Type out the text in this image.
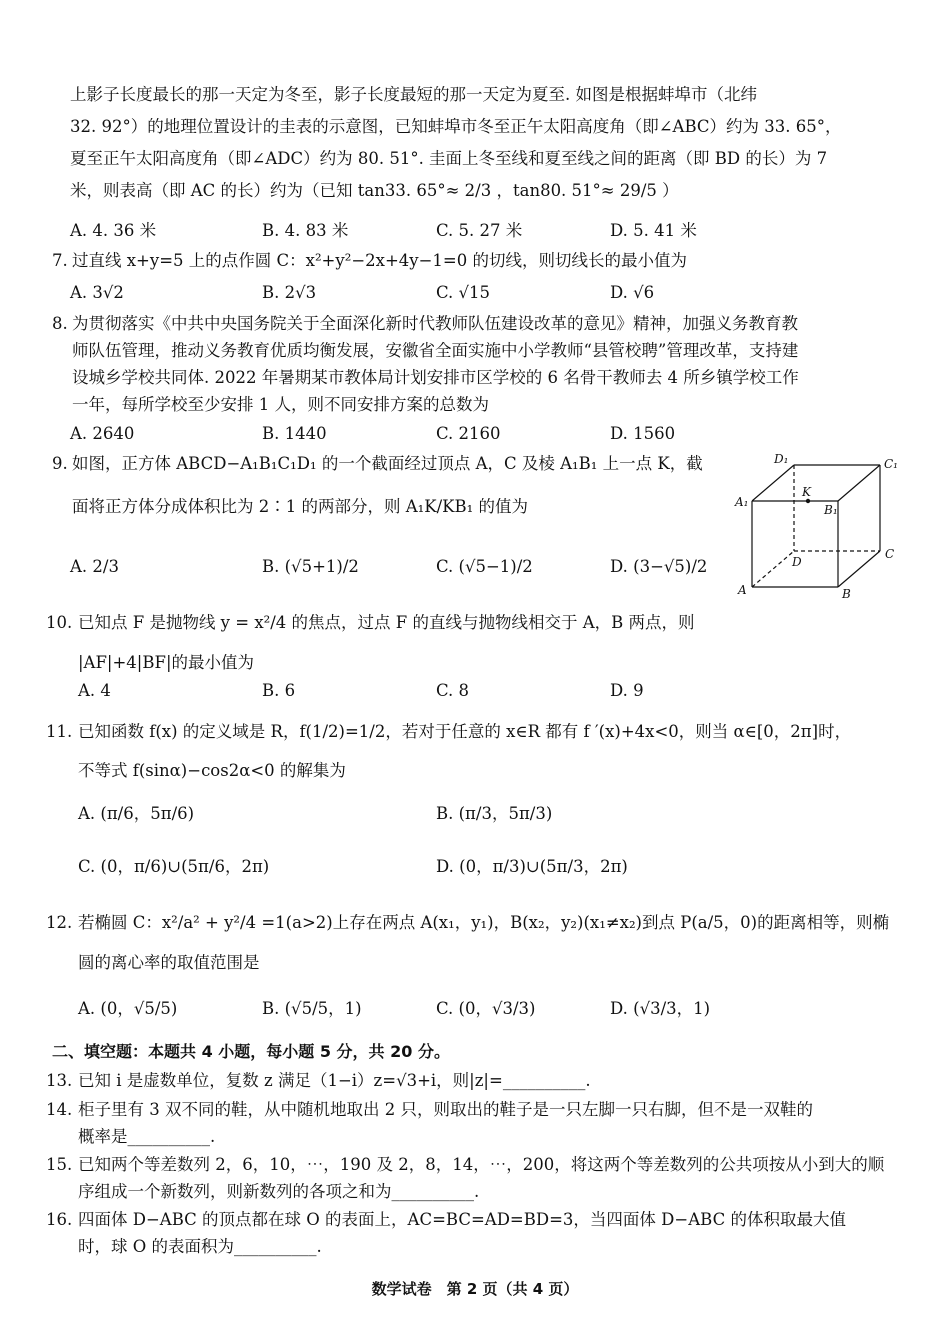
上影子长度最长的那一天定为冬至，影子长度最短的那一天定为夏至. 如图是根据蚌埠市（北纬
32. 92°）的地理位置设计的圭表的示意图，已知蚌埠市冬至正午太阳高度角（即∠ABC）约为 33. 65°，
夏至正午太阳高度角（即∠ADC）约为 80. 51°. 圭面上冬至线和夏至线之间的距离（即 BD 的长）为 7
米，则表高（即 AC 的长）约为（已知 tan33. 65°≈ 2/3 ，tan80. 51°≈ 29/5 ）
A. 4. 36 米	B. 4. 83 米	C. 5. 27 米	D. 5. 41 米
7. 过直线 x+y=5 上的点作圆 C：x²+y²−2x+4y−1=0 的切线，则切线长的最小值为
A. 3√2	B. 2√3	C. √15	D. √6
8. 为贯彻落实《中共中央国务院关于全面深化新时代教师队伍建设改革的意见》精神，加强义务教育教
师队伍管理，推动义务教育优质均衡发展，安徽省全面实施中小学教师“县管校聘”管理改革，支持建
设城乡学校共同体. 2022 年暑期某市教体局计划安排市区学校的 6 名骨干教师去 4 所乡镇学校工作
一年，每所学校至少安排 1 人，则不同安排方案的总数为
A. 2640	B. 1440	C. 2160	D. 1560
9. 如图，正方体 ABCD−A₁B₁C₁D₁ 的一个截面经过顶点 A，C 及棱 A₁B₁ 上一点 K，截
面将正方体分成体积比为 2∶1 的两部分，则 A₁K/KB₁ 的值为
A. 2/3	B. (√5+1)/2	C. (√5−1)/2	D. (3−√5)/2
D₁	C₁
A₁
K
B₁
D
C
A	B
10. 已知点 F 是抛物线 y = x²/4 的焦点，过点 F 的直线与抛物线相交于 A，B 两点，则
|AF|+4|BF|的最小值为
A. 4	B. 6	C. 8	D. 9
11. 已知函数 f(x) 的定义域是 R，f(1/2)=1/2，若对于任意的 x∈R 都有 f ′(x)+4x<0，则当 α∈[0，2π]时，
不等式 f(sinα)−cos2α<0 的解集为
A. (π/6，5π/6)	B. (π/3，5π/3)
C. (0，π/6)∪(5π/6，2π)	D. (0，π/3)∪(5π/3，2π)
12. 若椭圆 C：x²/a² + y²/4 =1(a>2)上存在两点 A(x₁，y₁)，B(x₂，y₂)(x₁≠x₂)到点 P(a/5，0)的距离相等，则椭
圆的离心率的取值范围是
A. (0，√5/5)	B. (√5/5，1)	C. (0，√3/3)	D. (√3/3，1)
二、填空题：本题共 4 小题，每小题 5 分，共 20 分。
13. 已知 i 是虚数单位，复数 z 满足（1−i）z=√3+i，则|z|=__________.
14. 柜子里有 3 双不同的鞋，从中随机地取出 2 只，则取出的鞋子是一只左脚一只右脚，但不是一双鞋的
概率是__________.
15. 已知两个等差数列 2，6，10，⋯，190 及 2，8，14，⋯，200，将这两个等差数列的公共项按从小到大的顺
序组成一个新数列，则新数列的各项之和为__________.
16. 四面体 D−ABC 的顶点都在球 O 的表面上，AC=BC=AD=BD=3，当四面体 D−ABC 的体积取最大值
时，球 O 的表面积为__________.
数学试卷　第 2 页（共 4 页）
